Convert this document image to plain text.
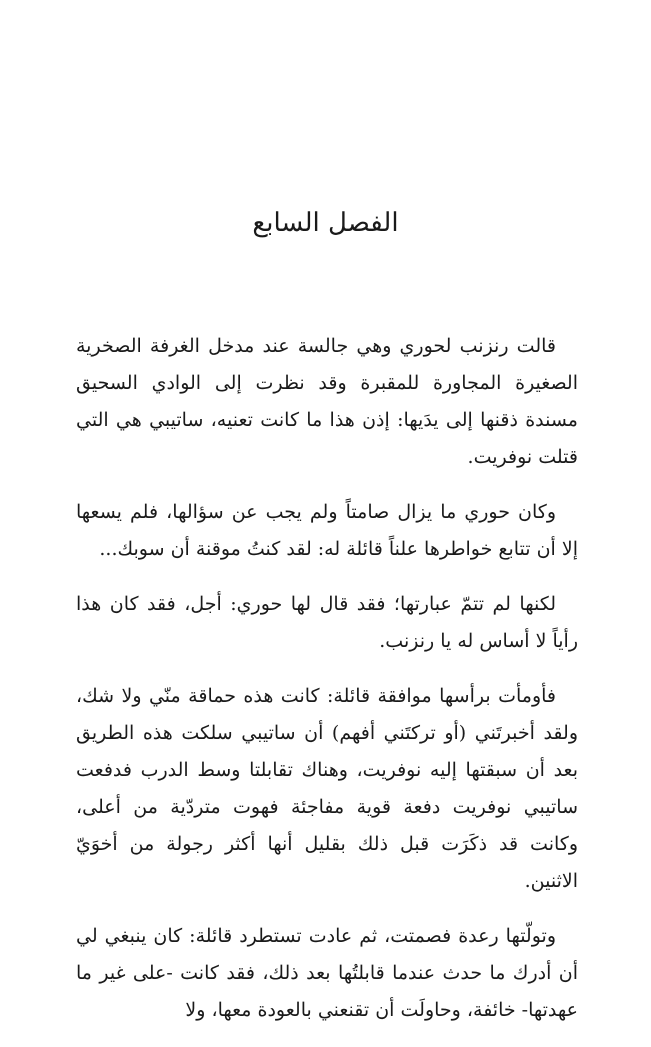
الفصل السابع

قالت رنزنب لحوري وهي جالسة عند مدخل الغرفة الصخرية الصغيرة المجاورة للمقبرة وقد نظرت إلى الوادي السحيق مسندة ذقنها إلى يدَيها: إذن هذا ما كانت تعنيه، ساتيبي هي التي قتلت نوفريت.

وكان حوري ما يزال صامتاً ولم يجب عن سؤالها، فلم يسعها إلا أن تتابع خواطرها علناً قائلة له: لقد كنتُ موقنة أن سوبك...

لكنها لم تتمّ عبارتها؛ فقد قال لها حوري: أجل، فقد كان هذا رأياً لا أساس له يا رنزنب.

فأومأت برأسها موافقة قائلة: كانت هذه حماقة منّي ولا شك، ولقد أخبرتَني (أو تركتَني أفهم) أن ساتيبي سلكت هذه الطريق بعد أن سبقتها إليه نوفريت، وهناك تقابلتا وسط الدرب فدفعت ساتيبي نوفريت دفعة قوية مفاجئة فهوت متردّية من أعلى، وكانت قد ذكَرَت قبل ذلك بقليل أنها أكثر رجولة من أخوَيّ الاثنين.

وتولّتها رعدة فصمتت، ثم عادت تستطرد قائلة: كان ينبغي لي أن أدرك ما حدث عندما قابلتُها بعد ذلك، فقد كانت -على غير ما عهدتها- خائفة، وحاولَت أن تقنعني بالعودة معها، ولا
